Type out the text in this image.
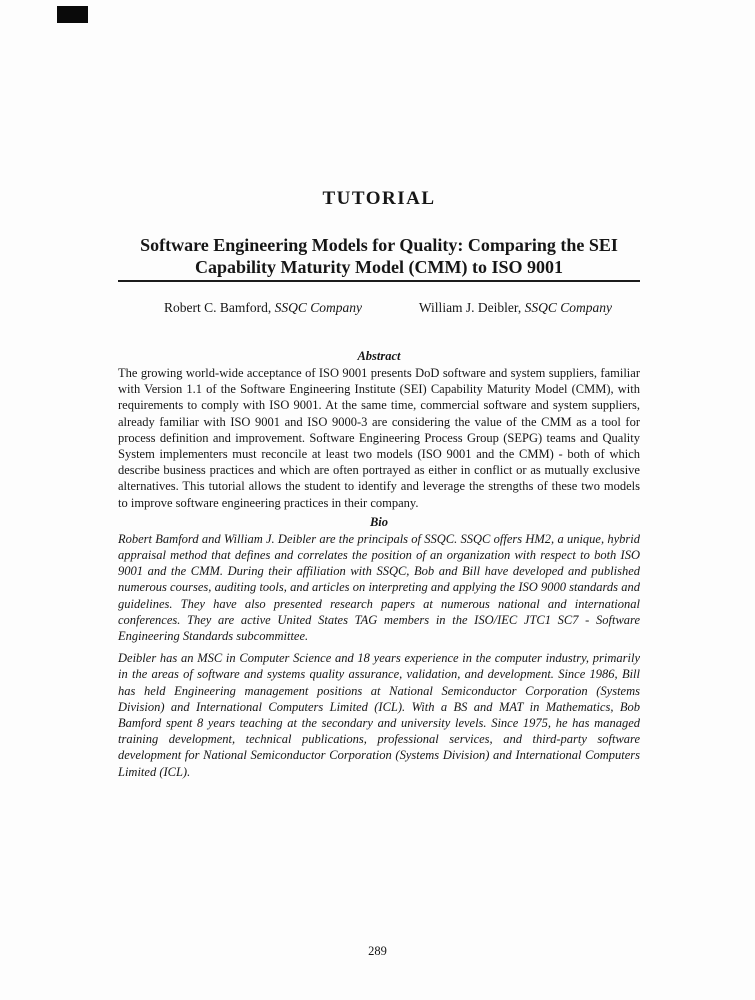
TUTORIAL
Software Engineering Models for Quality: Comparing the SEI
Capability Maturity Model (CMM) to ISO 9001
Robert C. Bamford, SSQC Company	William J. Deibler, SSQC Company
Abstract

The growing world-wide acceptance of ISO 9001 presents DoD software and system suppliers, familiar with Version 1.1 of the Software Engineering Institute (SEI) Capability Maturity Model (CMM), with requirements to comply with ISO 9001. At the same time, commercial software and system suppliers, already familiar with ISO 9001 and ISO 9000-3 are considering the value of the CMM as a tool for process definition and improvement. Software Engineering Process Group (SEPG) teams and Quality System implementers must reconcile at least two models (ISO 9001 and the CMM) - both of which describe business practices and which are often portrayed as either in conflict or as mutually exclusive alternatives. This tutorial allows the student to identify and leverage the strengths of these two models to improve software engineering practices in their company.

Bio

Robert Bamford and William J. Deibler are the principals of SSQC. SSQC offers HM2, a unique, hybrid appraisal method that defines and correlates the position of an organization with respect to both ISO 9001 and the CMM. During their affiliation with SSQC, Bob and Bill have developed and published numerous courses, auditing tools, and articles on interpreting and applying the ISO 9000 standards and guidelines. They have also presented research papers at numerous national and international conferences. They are active United States TAG members in the ISO/IEC JTC1 SC7 - Software Engineering Standards subcommittee.

Deibler has an MSC in Computer Science and 18 years experience in the computer industry, primarily in the areas of software and systems quality assurance, validation, and development. Since 1986, Bill has held Engineering management positions at National Semiconductor Corporation (Systems Division) and International Computers Limited (ICL). With a BS and MAT in Mathematics, Bob Bamford spent 8 years teaching at the secondary and university levels. Since 1975, he has managed training development, technical publications, professional services, and third-party software development for National Semiconductor Corporation (Systems Division) and International Computers Limited (ICL).

289
